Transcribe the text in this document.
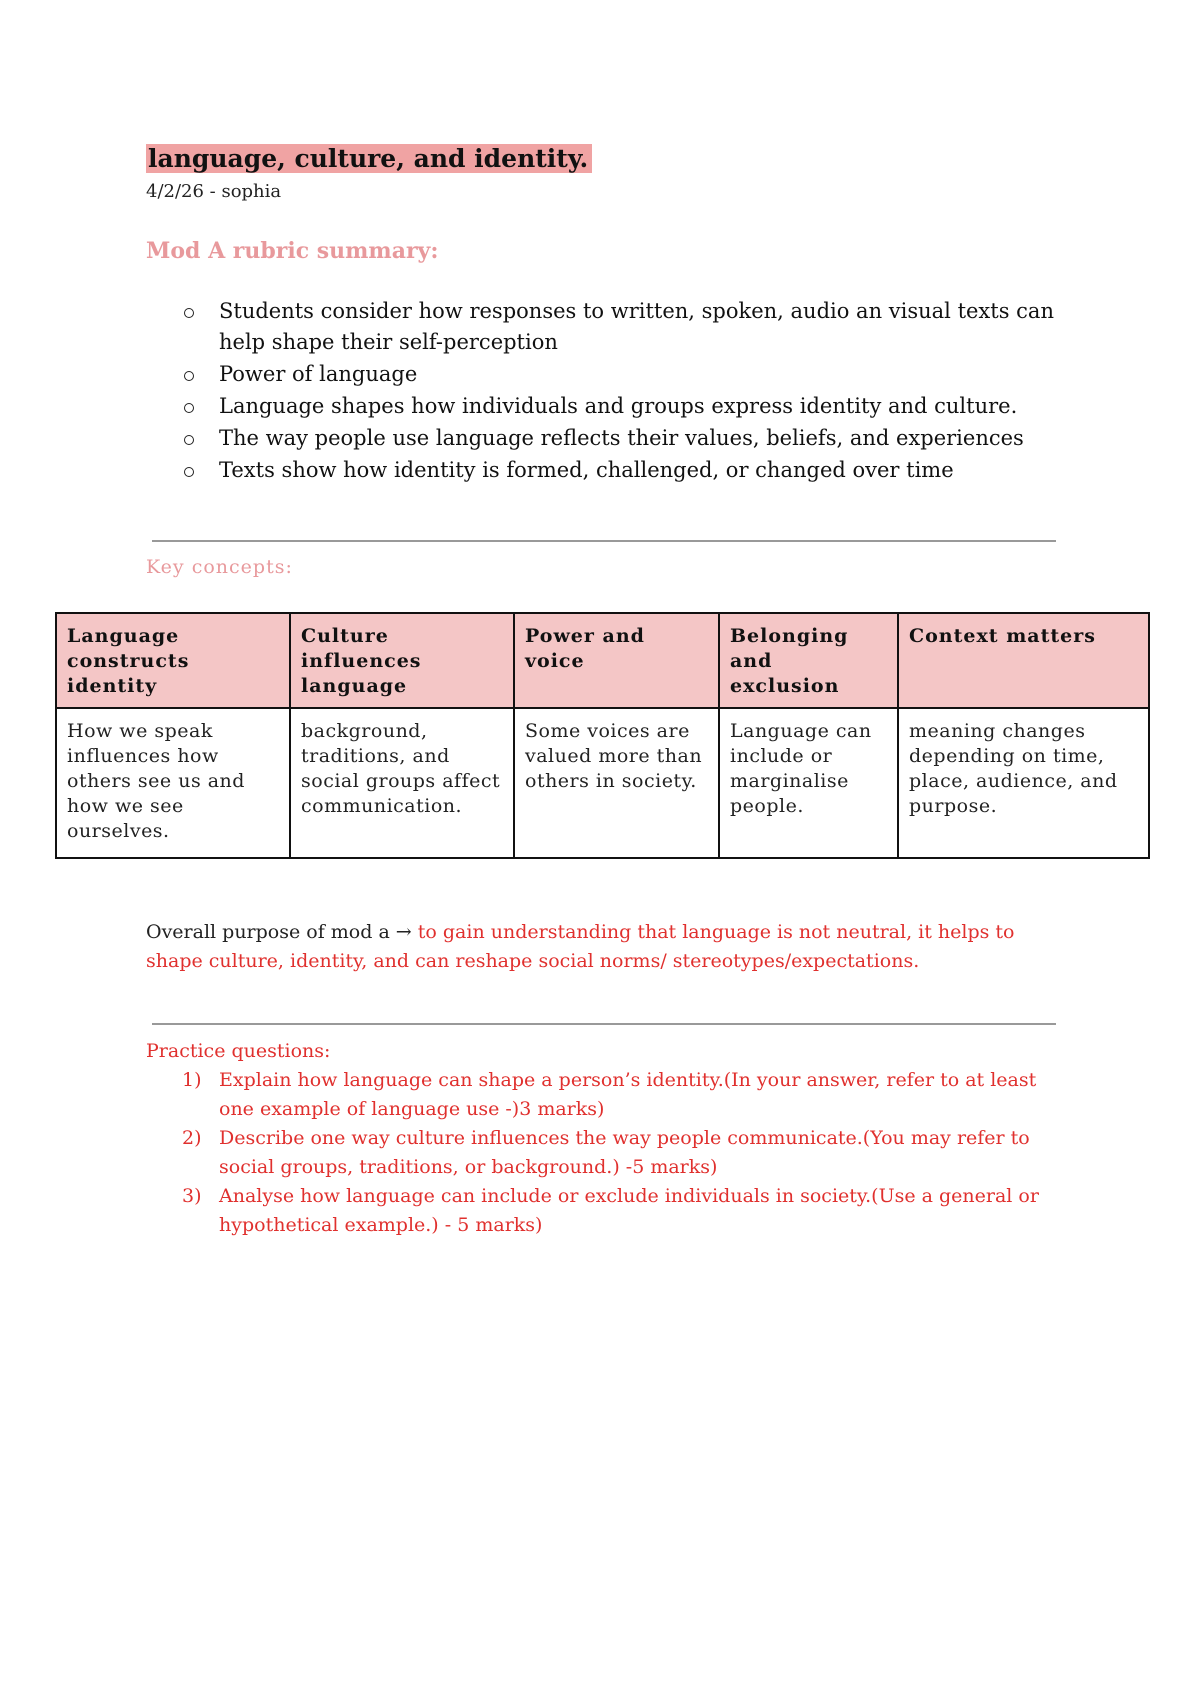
language, culture, and identity.

4/2/26 - sophia

Mod A rubric summary:
Students consider how responses to written, spoken, audio an visual texts can help shape their self-perception
Power of language
Language shapes how individuals and groups express identity and culture.
The way people use language reflects their values, beliefs, and experiences
Texts show how identity is formed, challenged, or changed over time
Key concepts:
Language constructs identity	Culture influences language	Power and voice	Belonging and exclusion	Context matters
How we speak influences how others see us and how we see ourselves.	background, traditions, and social groups affect communication.	Some voices are valued more than others in society.	Language can include or marginalise people.	meaning changes depending on time, place, audience, and purpose.

Overall purpose of mod a → to gain understanding that language is not neutral, it helps to shape culture, identity, and can reshape social norms/ stereotypes/expectations.

Practice questions:

1) Explain how language can shape a person’s identity.(In your answer, refer to at least one example of language use -)3 marks)
2) Describe one way culture influences the way people communicate.(You may refer to social groups, traditions, or background.) -5 marks)
3) Analyse how language can include or exclude individuals in society.(Use a general or hypothetical example.) - 5 marks)
